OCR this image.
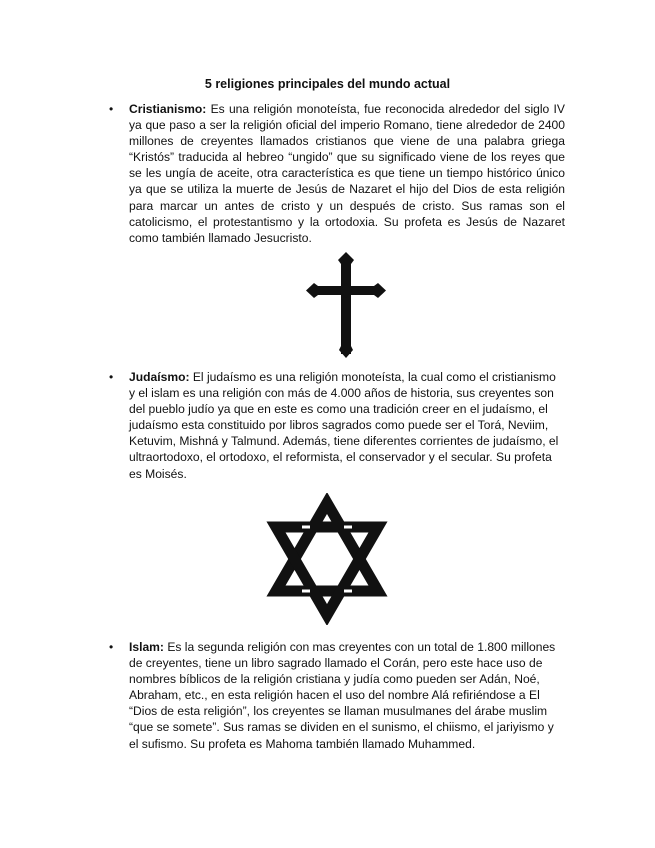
5 religiones principales del mundo actual
• Cristianismo: Es una religión monoteísta, fue reconocida alrededor del siglo IV ya que paso a ser la religión oficial del imperio Romano, tiene alrededor de 2400 millones de creyentes llamados cristianos que viene de una palabra griega “Kristós” traducida al hebreo “ungido” que su significado viene de los reyes que se les ungía de aceite, otra característica es que tiene un tiempo histórico único ya que se utiliza la muerte de Jesús de Nazaret el hijo del Dios de esta religión para marcar un antes de cristo y un después de cristo. Sus ramas son el catolicismo, el protestantismo y la ortodoxia. Su profeta es Jesús de Nazaret como también llamado Jesucristo.
• Judaísmo: El judaísmo es una religión monoteísta, la cual como el cristianismo y el islam es una religión con más de 4.000 años de historia, sus creyentes son del pueblo judío ya que en este es como una tradición creer en el judaísmo, el judaísmo esta constituido por libros sagrados como puede ser el Torá, Neviim, Ketuvim, Mishná y Talmund. Además, tiene diferentes corrientes de judaísmo, el ultraortodoxo, el ortodoxo, el reformista, el conservador y el secular. Su profeta es Moisés.
• Islam: Es la segunda religión con mas creyentes con un total de 1.800 millones de creyentes, tiene un libro sagrado llamado el Corán, pero este hace uso de nombres bíblicos de la religión cristiana y judía como pueden ser Adán, Noé, Abraham, etc., en esta religión hacen el uso del nombre Alá refiriéndose a El “Dios de esta religión”, los creyentes se llaman musulmanes del árabe muslim “que se somete”. Sus ramas se dividen en el sunismo, el chiismo, el jariyismo y el sufismo. Su profeta es Mahoma también llamado Muhammed.
